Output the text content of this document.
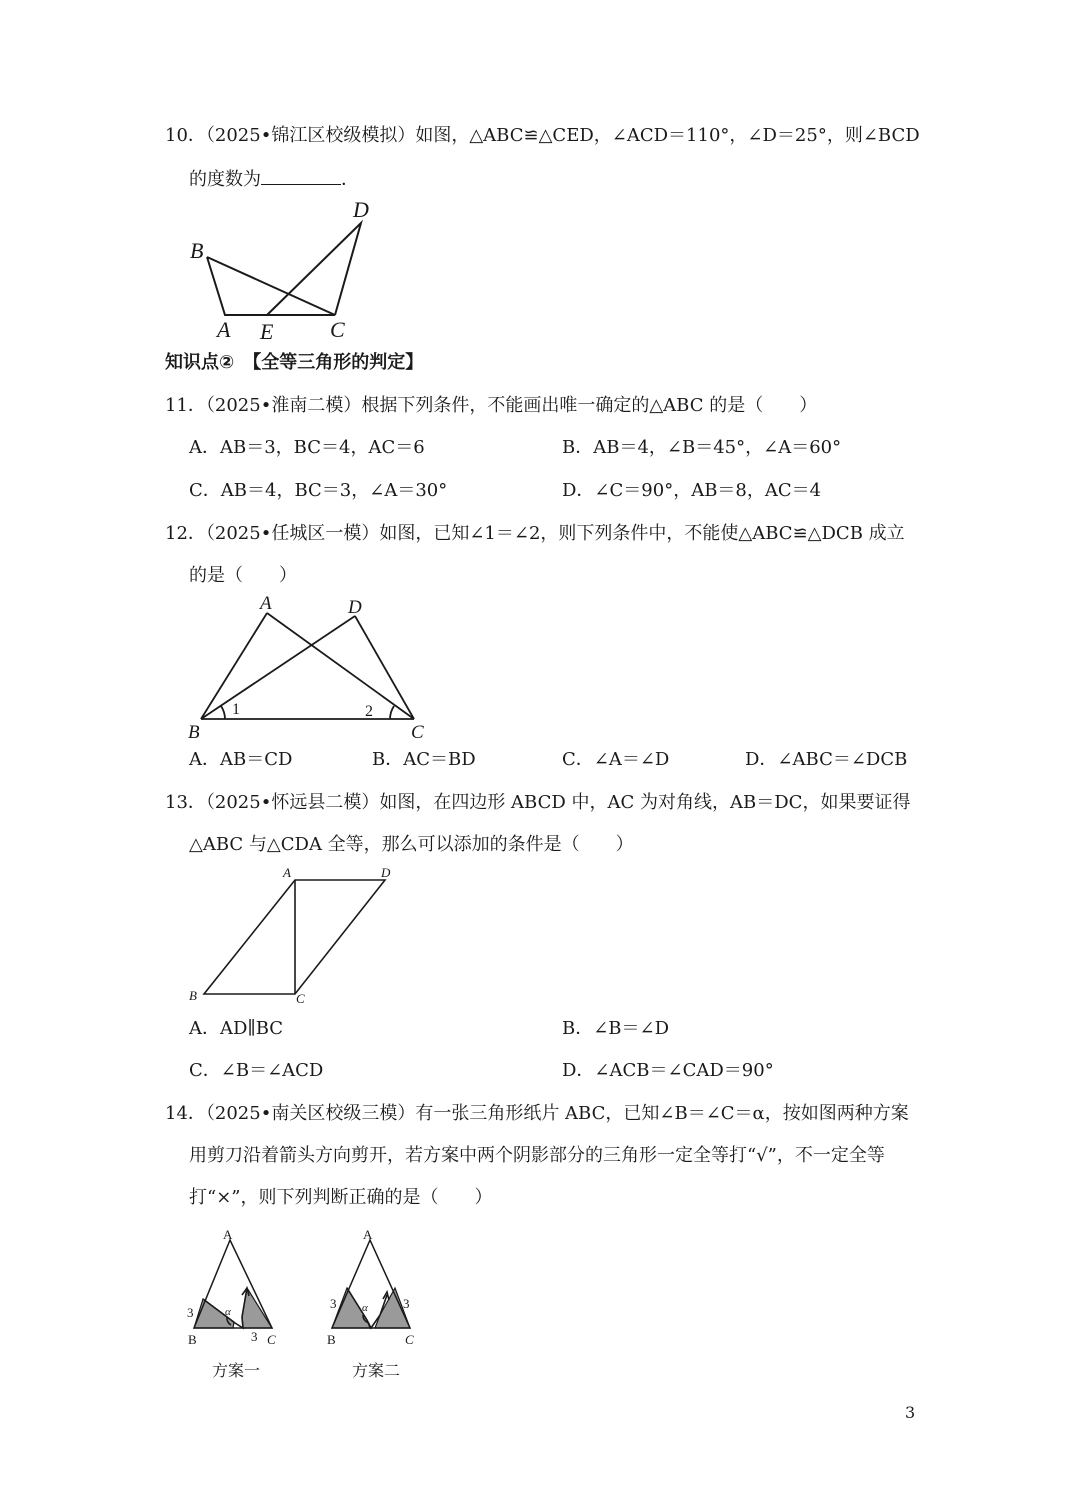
10．（2025•锦江区校级模拟）如图，△ABC≌△CED，∠ACD＝110°，∠D＝25°，则∠BCD
的度数为	．
B
D
A E	C
知识点②　【全等三角形的判定】
11．（2025•淮南二模）根据下列条件，不能画出唯一确定的△ABC 的是（　　）
A．AB＝3，BC＝4，AC＝6	B．AB＝4，∠B＝45°，∠A＝60°
C．AB＝4，BC＝3，∠A＝30°	D．∠C＝90°，AB＝8，AC＝4
12．（2025•任城区一模）如图，已知∠1＝∠2，则下列条件中，不能使△ABC≌△DCB 成立
的是（　　）
A	D
B	C
1	2
A．AB＝CD	B．AC＝BD	C．∠A＝∠D	D．∠ABC＝∠DCB
13．（2025•怀远县二模）如图，在四边形 ABCD 中，AC 为对角线，AB＝DC，如果要证得
△ABC 与△CDA 全等，那么可以添加的条件是（　　）
A	D
B	C
A．AD∥BC	B．∠B＝∠D
C．∠B＝∠ACD	D．∠ACB＝∠CAD＝90°
14．（2025•南关区校级三模）有一张三角形纸片 ABC，已知∠B＝∠C＝α，按如图两种方案
用剪刀沿着箭头方向剪开，若方案中两个阴影部分的三角形一定全等打“√”，不一定全等
打“×”，则下列判断正确的是（　　）
A
B	C
3
3
α
方案一
A
B	C
3	3
α
方案二
3
